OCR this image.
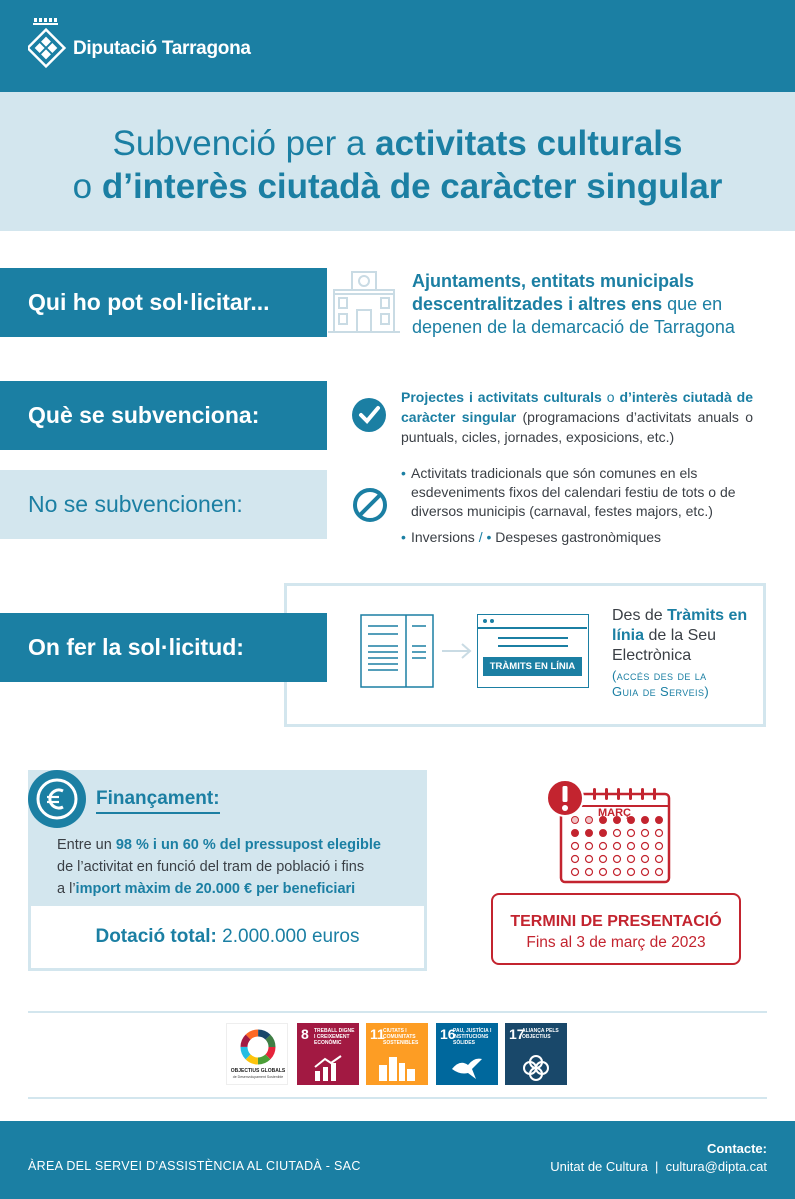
Diputació Tarragona
Subvenció per a activitats culturals
o d’interès ciutadà de caràcter singular
Qui ho pot sol·licitar...
Ajuntaments, entitats municipals descentralitzades i altres ens que en depenen de la demarcació de Tarragona
Què se subvenciona:
Projectes i activitats culturals o d’interès ciutadà de caràcter singular (programacions d’activitats anuals o puntuals, cicles, jornades, exposicions, etc.)
No se subvencionen:
• Activitats tradicionals que són comunes en els esdeveniments fixos del calendari festiu de tots o de diversos municipis (carnaval, festes majors, etc.)
• Inversions / • Despeses gastronòmiques
On fer la sol·licitud:
TRÀMITS EN LÍNIA
Des de Tràmits en línia de la Seu Electrònica
(accés des de la
Guia de Serveis)
Dotació total: 2.000.000 euros
Finançament:
Entre un 98 % i un 60 % del pressupost elegible
de l’activitat en funció del tram de població i fins
a l’import màxim de 20.000 € per beneficiari
MARÇ
TERMINI DE PRESENTACIÓ
Fins al 3 de març de 2023
OBJECTIUS GLOBALS
de Desenvolupament Sostenible
8 TREBALL DIGNE I CREIXEMENT ECONÒMIC
11
CIUTATS I COMUNITATS SOSTENIBLES
16
PAU, JUSTÍCIA I INSTITUCIONS SÒLIDES
17
ALIANÇA PELS OBJECTIUS
ÀREA DEL SERVEI D’ASSISTÈNCIA AL CIUTADÀ - SAC
Contacte:
Unitat de Cultura  |  cultura@dipta.cat
